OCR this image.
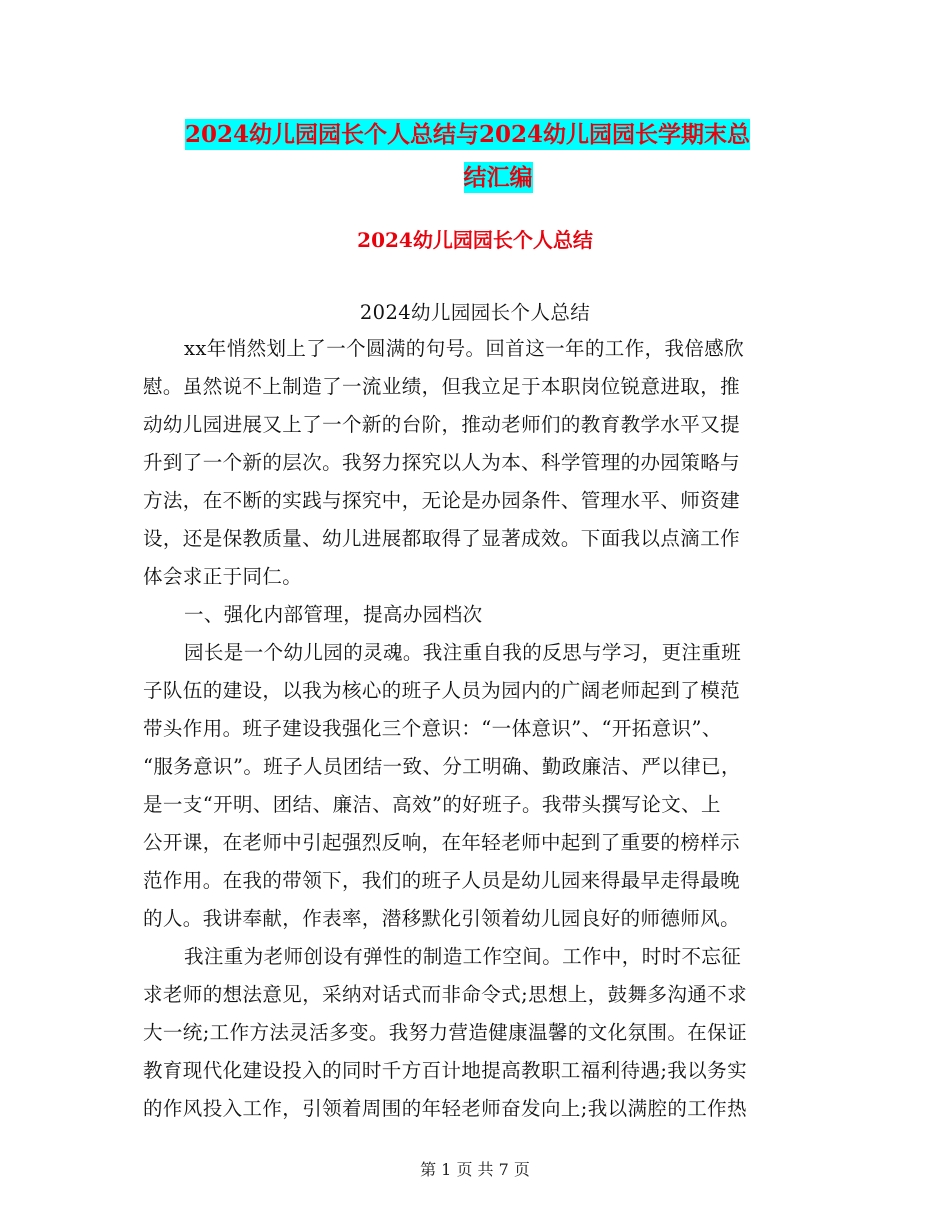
2024幼儿园园长个人总结与2024幼儿园园长学期末总
结汇编
2024幼儿园园长个人总结

2024幼儿园园长个人总结

xx年悄然划上了一个圆满的句号。回首这一年的工作，我倍感欣
慰。虽然说不上制造了一流业绩，但我立足于本职岗位锐意进取，推
动幼儿园进展又上了一个新的台阶，推动老师们的教育教学水平又提
升到了一个新的层次。我努力探究以人为本、科学管理的办园策略与
方法，在不断的实践与探究中，无论是办园条件、管理水平、师资建
设，还是保教质量、幼儿进展都取得了显著成效。下面我以点滴工作
体会求正于同仁。
一、强化内部管理，提高办园档次
园长是一个幼儿园的灵魂。我注重自我的反思与学习，更注重班
子队伍的建设，以我为核心的班子人员为园内的广阔老师起到了模范
带头作用。班子建设我强化三个意识：“一体意识”、“开拓意识”、
“服务意识”。班子人员团结一致、分工明确、勤政廉洁、严以律已，
是一支“开明、团结、廉洁、高效”的好班子。我带头撰写论文、上
公开课，在老师中引起强烈反响，在年轻老师中起到了重要的榜样示
范作用。在我的带领下，我们的班子人员是幼儿园来得最早走得最晚
的人。我讲奉献，作表率，潜移默化引领着幼儿园良好的师德师风。
我注重为老师创设有弹性的制造工作空间。工作中，时时不忘征
求老师的想法意见，采纳对话式而非命令式;思想上，鼓舞多沟通不求
大一统;工作方法灵活多变。我努力营造健康温馨的文化氛围。在保证
教育现代化建设投入的同时千方百计地提高教职工福利待遇;我以务实
的作风投入工作，引领着周围的年轻老师奋发向上;我以满腔的工作热

第 1 页 共 7 页
